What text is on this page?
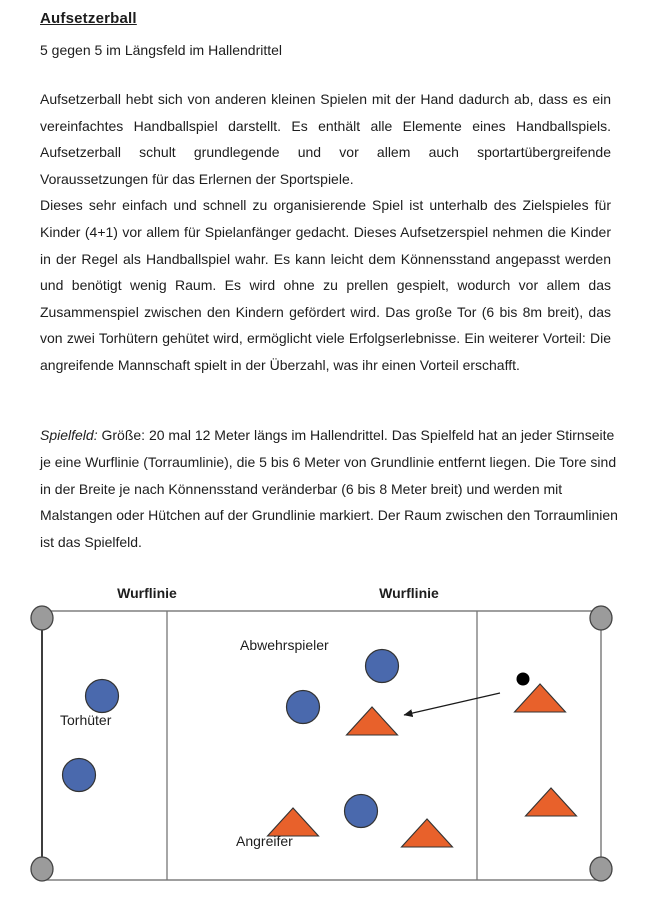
Aufsetzerball

5 gegen 5 im Längsfeld im Hallendrittel

Aufsetzerball hebt sich von anderen kleinen Spielen mit der Hand dadurch ab, dass es ein vereinfachtes Handballspiel darstellt. Es enthält alle Elemente eines Handballspiels. Aufsetzerball schult grundlegende und vor allem auch sportartübergreifende Voraussetzungen für das Erlernen der Sportspiele.

Dieses sehr einfach und schnell zu organisierende Spiel ist unterhalb des Zielspieles für Kinder (4+1) vor allem für Spielanfänger gedacht. Dieses Aufsetzerspiel nehmen die Kinder in der Regel als Handballspiel wahr. Es kann leicht dem Könnensstand angepasst werden und benötigt wenig Raum. Es wird ohne zu prellen gespielt, wodurch vor allem das Zusammenspiel zwischen den Kindern gefördert wird. Das große Tor (6 bis 8m breit), das von zwei Torhütern gehütet wird, ermöglicht viele Erfolgserlebnisse. Ein weiterer Vorteil: Die angreifende Mannschaft spielt in der Überzahl, was ihr einen Vorteil erschafft.

Spielfeld: Größe: 20 mal 12 Meter längs im Hallendrittel. Das Spielfeld hat an jeder Stirnseite je eine Wurflinie (Torraumlinie), die 5 bis 6 Meter von Grundlinie entfernt liegen. Die Tore sind in der Breite je nach Könnensstand veränderbar (6 bis 8 Meter breit) und werden mit Malstangen oder Hütchen auf der Grundlinie markiert. Der Raum zwischen den Torraumlinien ist das Spielfeld.

Wurflinie	Wurflinie
Abwehrspieler
Torhüter
Angreifer
